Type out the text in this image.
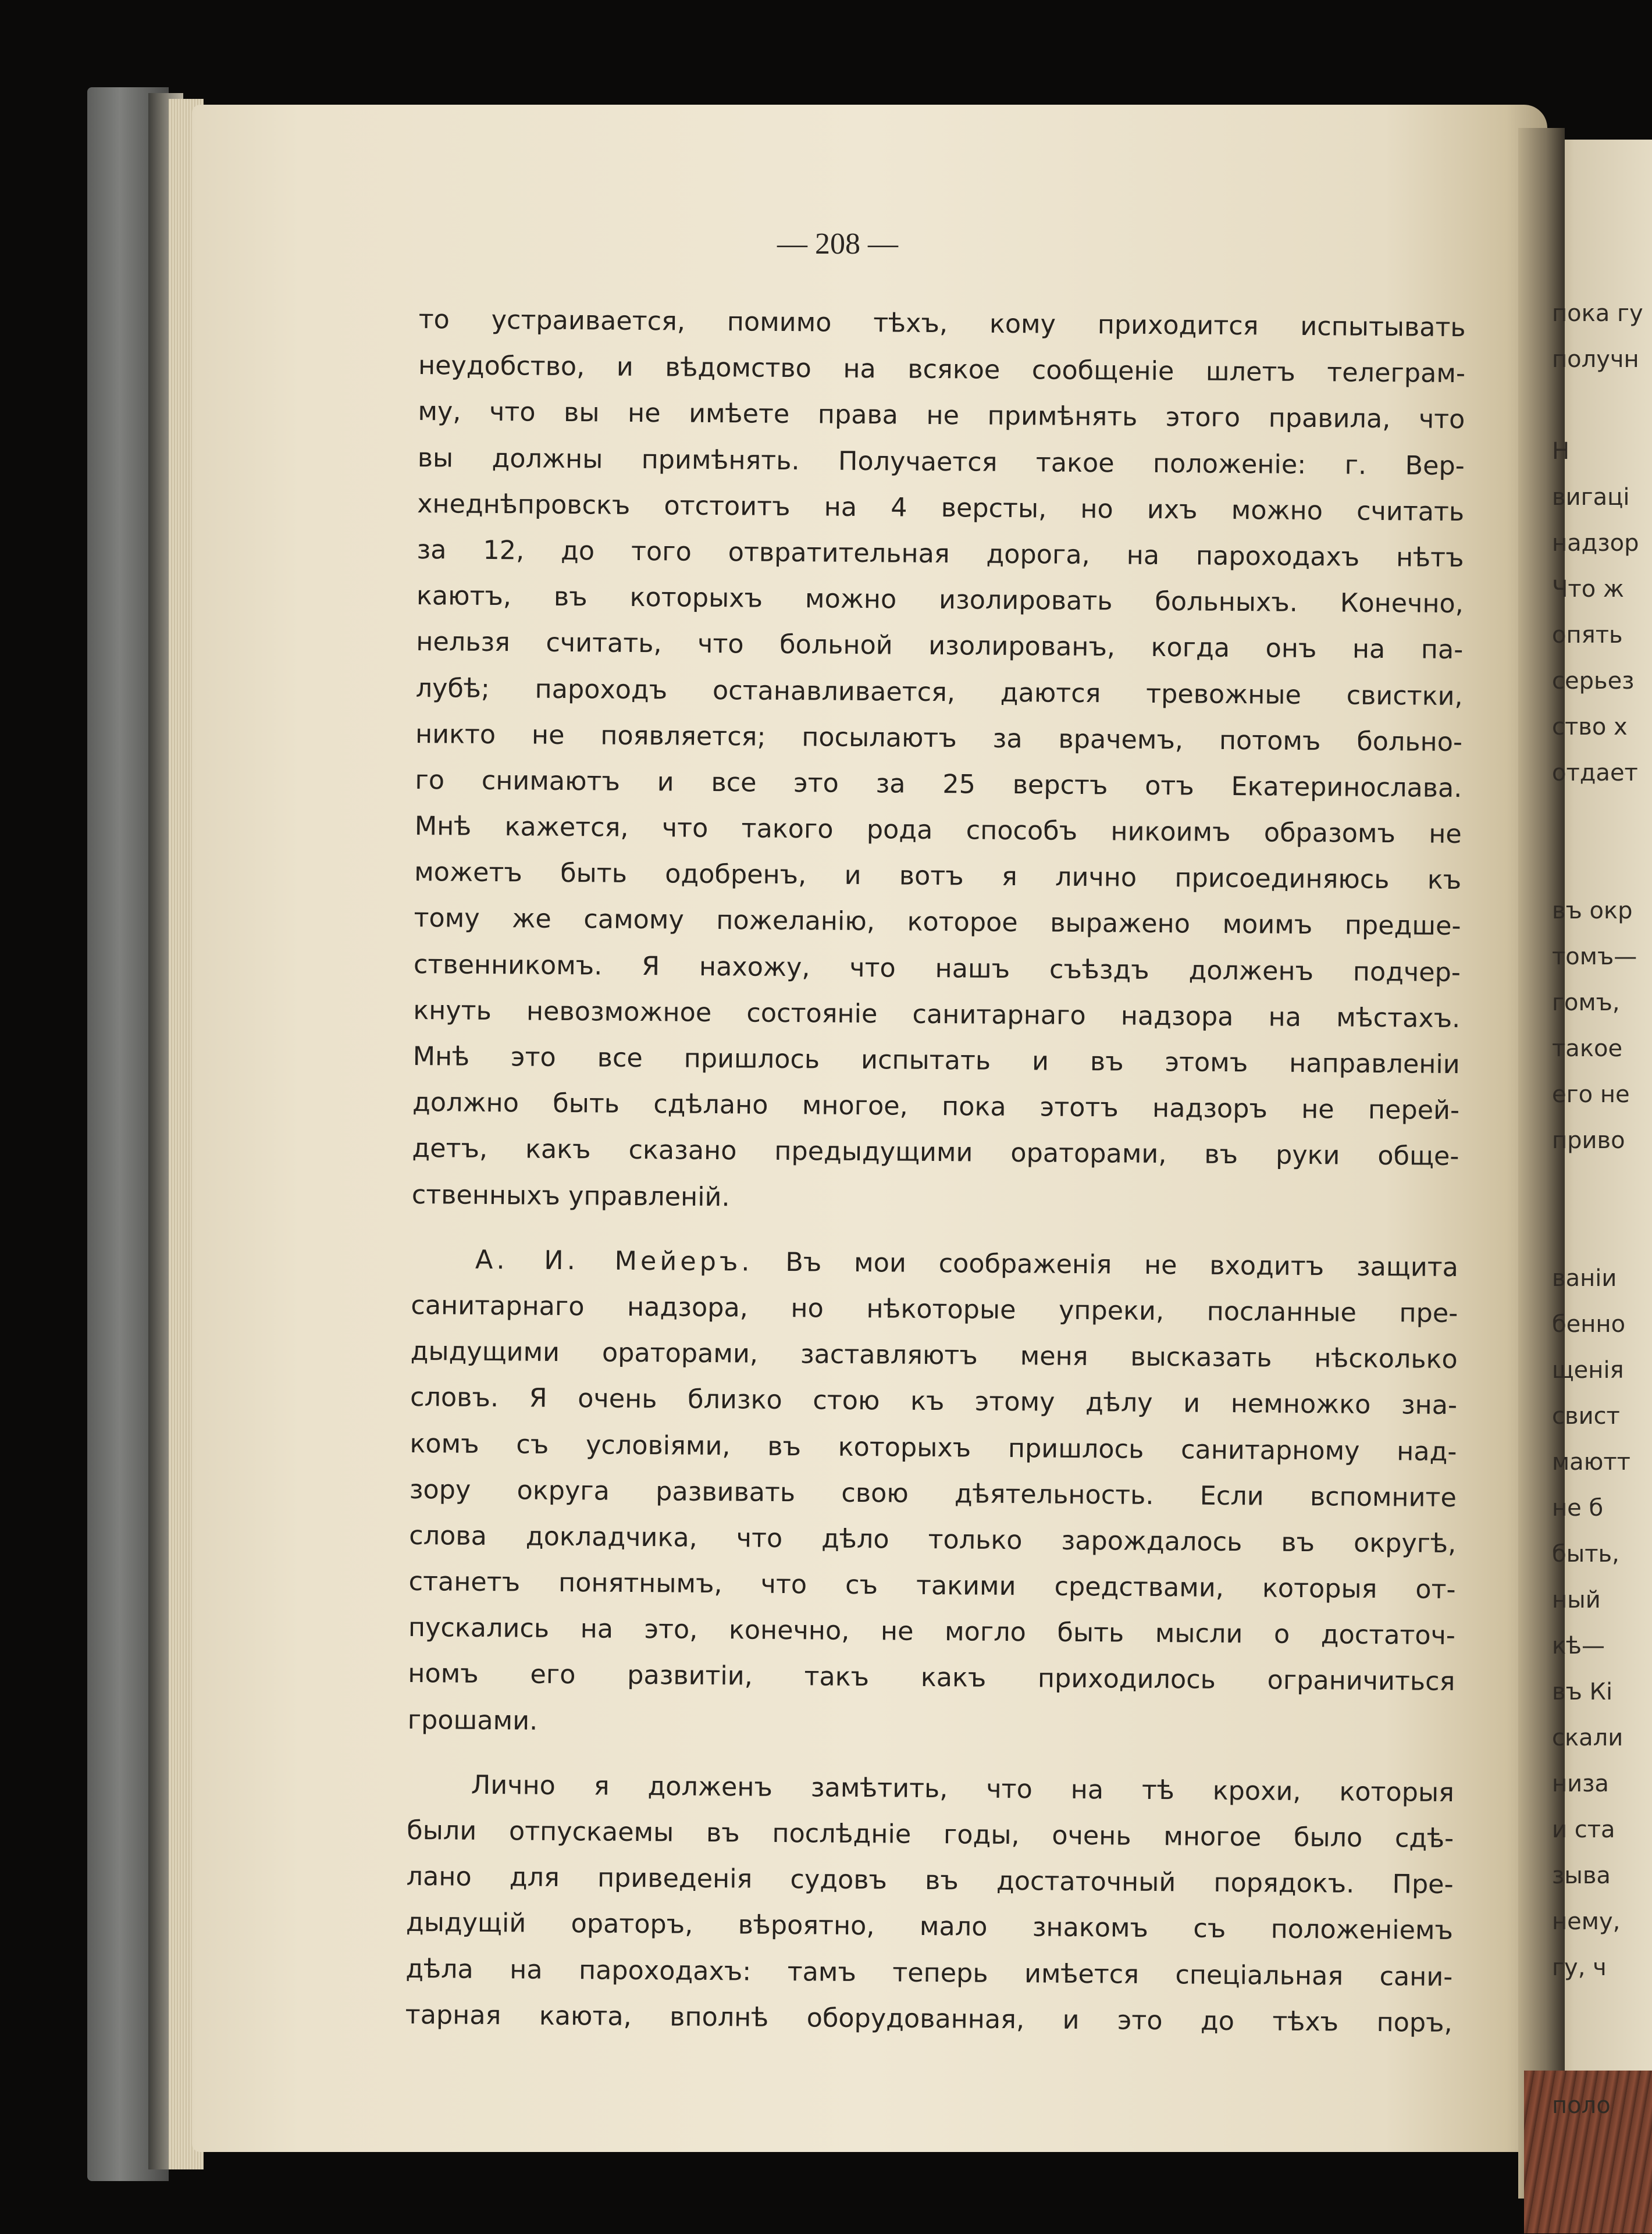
— 208 —
то устраивается, помимо тѣхъ, кому приходится испытывать
неудобство, и вѣдомство на всякое сообщеніе шлетъ телеграм-
му, что вы не имѣете права не примѣнять этого правила, что
вы должны примѣнять. Получается такое положеніе: г. Вер-
хнеднѣпровскъ отстоитъ на 4 версты, но ихъ можно считать
за 12, до того отвратительная дорога, на пароходахъ нѣтъ
каютъ, въ которыхъ можно изолировать больныхъ. Конечно,
нельзя считать, что больной изолированъ, когда онъ на па-
лубѣ; пароходъ останавливается, даются тревожные свистки,
никто не появляется; посылаютъ за врачемъ, потомъ больно-
го снимаютъ и все это за 25 верстъ отъ Екатеринослава.
Мнѣ кажется, что такого рода способъ никоимъ образомъ не
можетъ быть одобренъ, и вотъ я лично присоединяюсь къ
тому же самому пожеланію, которое выражено моимъ предше-
ственникомъ. Я нахожу, что нашъ съѣздъ долженъ подчер-
кнуть невозможное состояніе санитарнаго надзора на мѣстахъ.
Мнѣ это все пришлось испытать и въ этомъ направленіи
должно быть сдѣлано многое, пока этотъ надзоръ не перей-
детъ, какъ сказано предыдущими ораторами, въ руки обще-
ственныхъ управленій.
А. И. Мейеръ. Въ мои соображенія не входитъ защита
санитарнаго надзора, но нѣкоторые упреки, посланные пре-
дыдущими ораторами, заставляютъ меня высказать нѣсколько
словъ. Я очень близко стою къ этому дѣлу и немножко зна-
комъ съ условіями, въ которыхъ пришлось санитарному над-
зору округа развивать свою дѣятельность. Если вспомните
слова докладчика, что дѣло только зарождалось въ округѣ,
станетъ понятнымъ, что съ такими средствами, которыя от-
пускались на это, конечно, не могло быть мысли о достаточ-
номъ его развитіи, такъ какъ приходилось ограничиться
грошами.
Лично я долженъ замѣтить, что на тѣ крохи, которыя
были отпускаемы въ послѣдніе годы, очень многое было сдѣ-
лано для приведенія судовъ въ достаточный порядокъ. Пре-
дыдущій ораторъ, вѣроятно, мало знакомъ съ положеніемъ
дѣла на пароходахъ: тамъ теперь имѣется спеціальная сани-
тарная каюта, вполнѣ оборудованная, и это до тѣхъ поръ,
пока гу
получн
Н
вигаці
надзор
Что ж
опять
серьез
ство х
отдает
въ окр
томъ—
гомъ,
такое
его не
приво
ваніи
бенно
щенія
свист
маютт
не б
быть,
ный
кѣ—
въ Кі
скали
низа
и ста
зыва
нему,
гу, ч
поло
